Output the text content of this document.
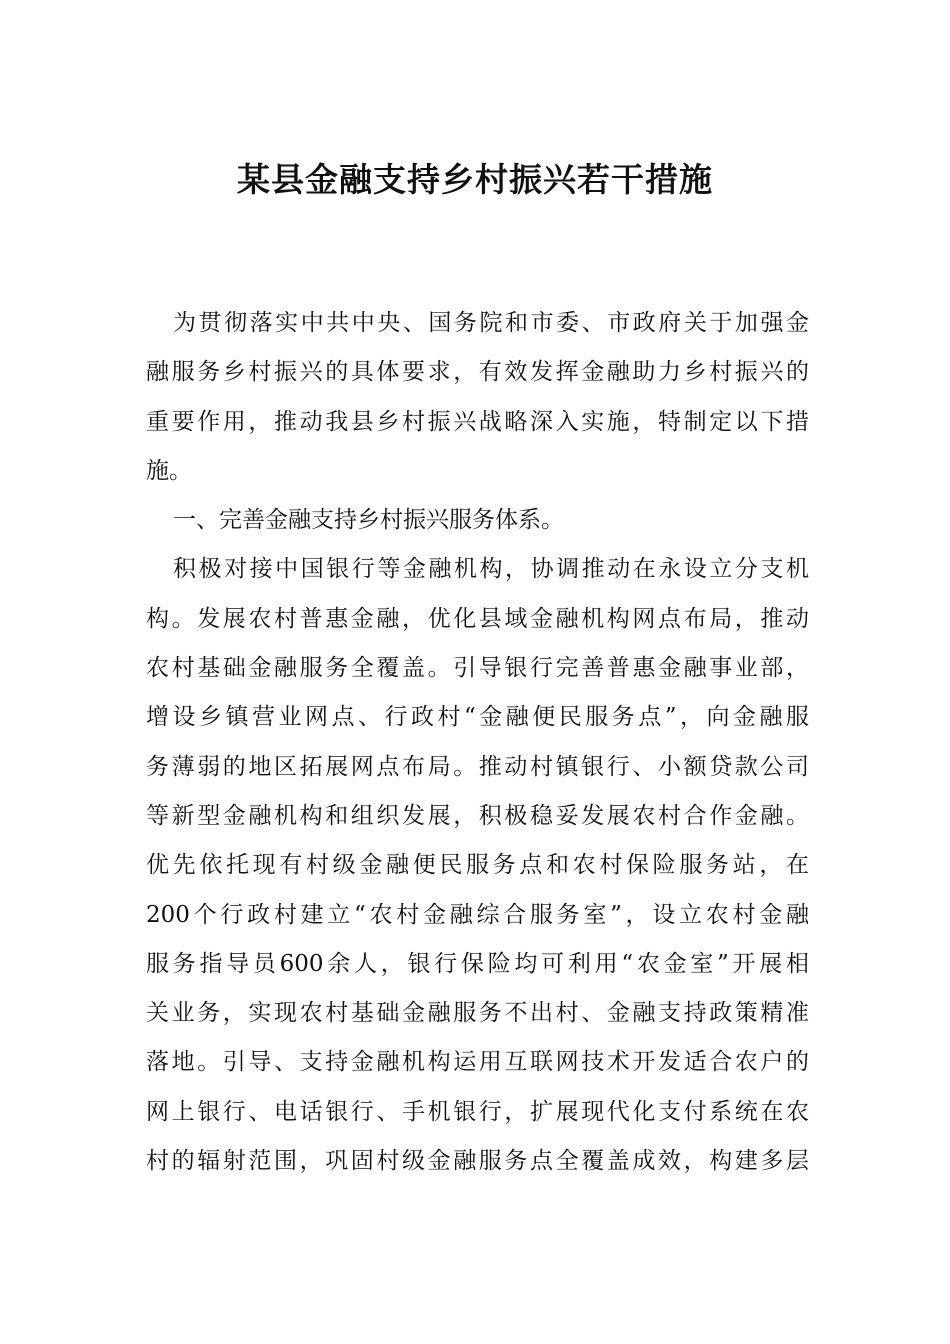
某县金融支持乡村振兴若干措施
为贯彻落实中共中央、国务院和市委、市政府关于加强金
融服务乡村振兴的具体要求，有效发挥金融助力乡村振兴的
重要作用，推动我县乡村振兴战略深入实施，特制定以下措
施。
一、完善金融支持乡村振兴服务体系。
积极对接中国银行等金融机构，协调推动在永设立分支机
构。发展农村普惠金融，优化县域金融机构网点布局，推动
农村基础金融服务全覆盖。引导银行完善普惠金融事业部，
增设乡镇营业网点、行政村“金融便民服务点”，向金融服
务薄弱的地区拓展网点布局。推动村镇银行、小额贷款公司
等新型金融机构和组织发展，积极稳妥发展农村合作金融。
优先依托现有村级金融便民服务点和农村保险服务站，在
200个行政村建立“农村金融综合服务室”，设立农村金融
服务指导员600余人，银行保险均可利用“农金室”开展相
关业务，实现农村基础金融服务不出村、金融支持政策精准
落地。引导、支持金融机构运用互联网技术开发适合农户的
网上银行、电话银行、手机银行，扩展现代化支付系统在农
村的辐射范围，巩固村级金融服务点全覆盖成效，构建多层
